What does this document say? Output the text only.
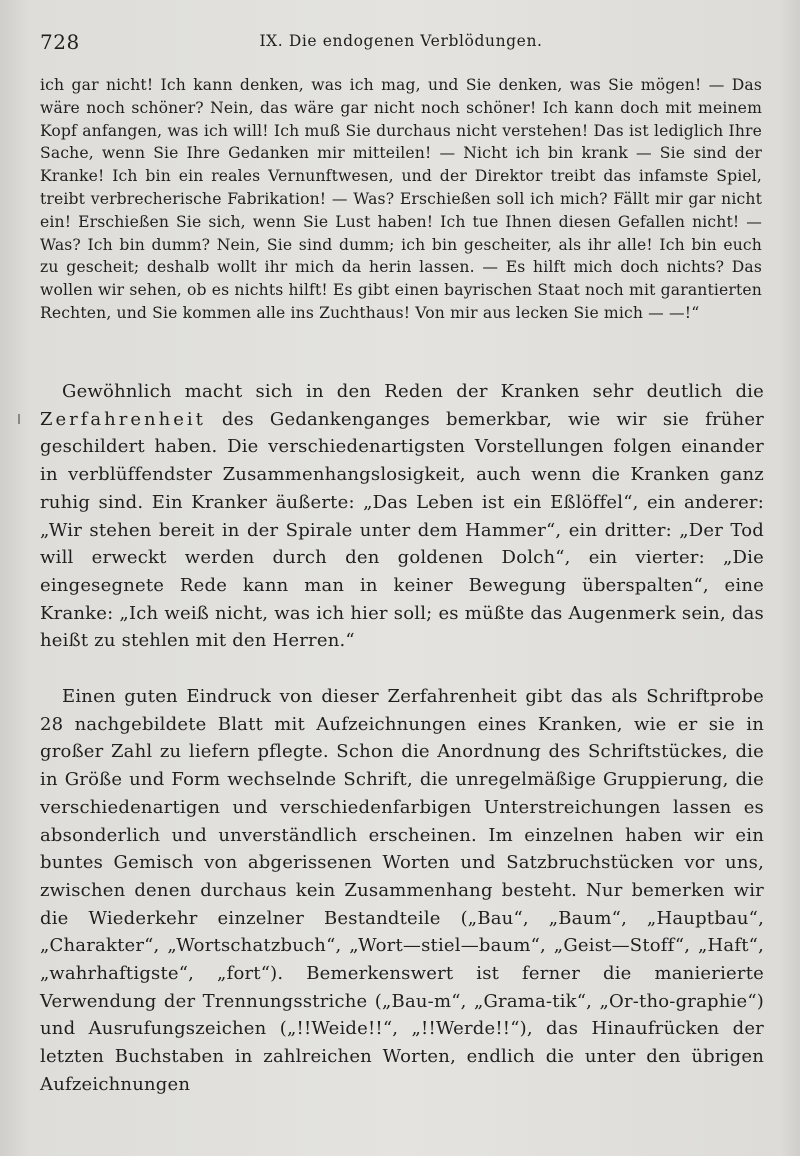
728	IX. Die endogenen Verblödungen.

ich gar nicht! Ich kann denken, was ich mag, und Sie denken, was Sie mögen! — Das wäre noch schöner? Nein, das wäre gar nicht noch schöner! Ich kann doch mit meinem Kopf anfangen, was ich will! Ich muß Sie durchaus nicht verstehen! Das ist lediglich Ihre Sache, wenn Sie Ihre Gedanken mir mitteilen! — Nicht ich bin krank — Sie sind der Kranke! Ich bin ein reales Vernunftwesen, und der Direktor treibt das infamste Spiel, treibt verbrecherische Fabrikation! — Was? Erschießen soll ich mich? Fällt mir gar nicht ein! Erschießen Sie sich, wenn Sie Lust haben! Ich tue Ihnen diesen Gefallen nicht! — Was? Ich bin dumm? Nein, Sie sind dumm; ich bin gescheiter, als ihr alle! Ich bin euch zu gescheit; deshalb wollt ihr mich da herin lassen. — Es hilft mich doch nichts? Das wollen wir sehen, ob es nichts hilft! Es gibt einen bayrischen Staat noch mit garantierten Rechten, und Sie kommen alle ins Zuchthaus! Von mir aus lecken Sie mich — —!“

Gewöhnlich macht sich in den Reden der Kranken sehr deutlich die Zerfahrenheit des Gedankenganges bemerkbar, wie wir sie früher geschildert haben. Die verschiedenartigsten Vorstellungen folgen einander in verblüffendster Zusammenhangslosigkeit, auch wenn die Kranken ganz ruhig sind. Ein Kranker äußerte: „Das Leben ist ein Eßlöffel“, ein anderer: „Wir stehen bereit in der Spirale unter dem Hammer“, ein dritter: „Der Tod will erweckt werden durch den goldenen Dolch“, ein vierter: „Die eingesegnete Rede kann man in keiner Bewegung überspalten“, eine Kranke: „Ich weiß nicht, was ich hier soll; es müßte das Augenmerk sein, das heißt zu stehlen mit den Herren.“

Einen guten Eindruck von dieser Zerfahrenheit gibt das als Schriftprobe 28 nachgebildete Blatt mit Aufzeichnungen eines Kranken, wie er sie in großer Zahl zu liefern pflegte. Schon die Anordnung des Schriftstückes, die in Größe und Form wechselnde Schrift, die unregelmäßige Gruppierung, die verschiedenartigen und verschiedenfarbigen Unterstreichungen lassen es absonderlich und unverständlich erscheinen. Im einzelnen haben wir ein buntes Gemisch von abgerissenen Worten und Satzbruchstücken vor uns, zwischen denen durchaus kein Zusammenhang besteht. Nur bemerken wir die Wiederkehr einzelner Bestandteile („Bau“, „Baum“, „Hauptbau“, „Charakter“, „Wortschatzbuch“, „Wort—stiel—baum“, „Geist—Stoff“, „Haft“, „wahrhaftigste“, „fort“). Bemerkenswert ist ferner die manierierte Verwendung der Trennungsstriche („Bau-m“, „Grama-tik“, „Or-tho-graphie“) und Ausrufungszeichen („!!Weide!!“, „!!Werde!!“), das Hinaufrücken der letzten Buchstaben in zahlreichen Worten, endlich die unter den übrigen Aufzeichnungen
